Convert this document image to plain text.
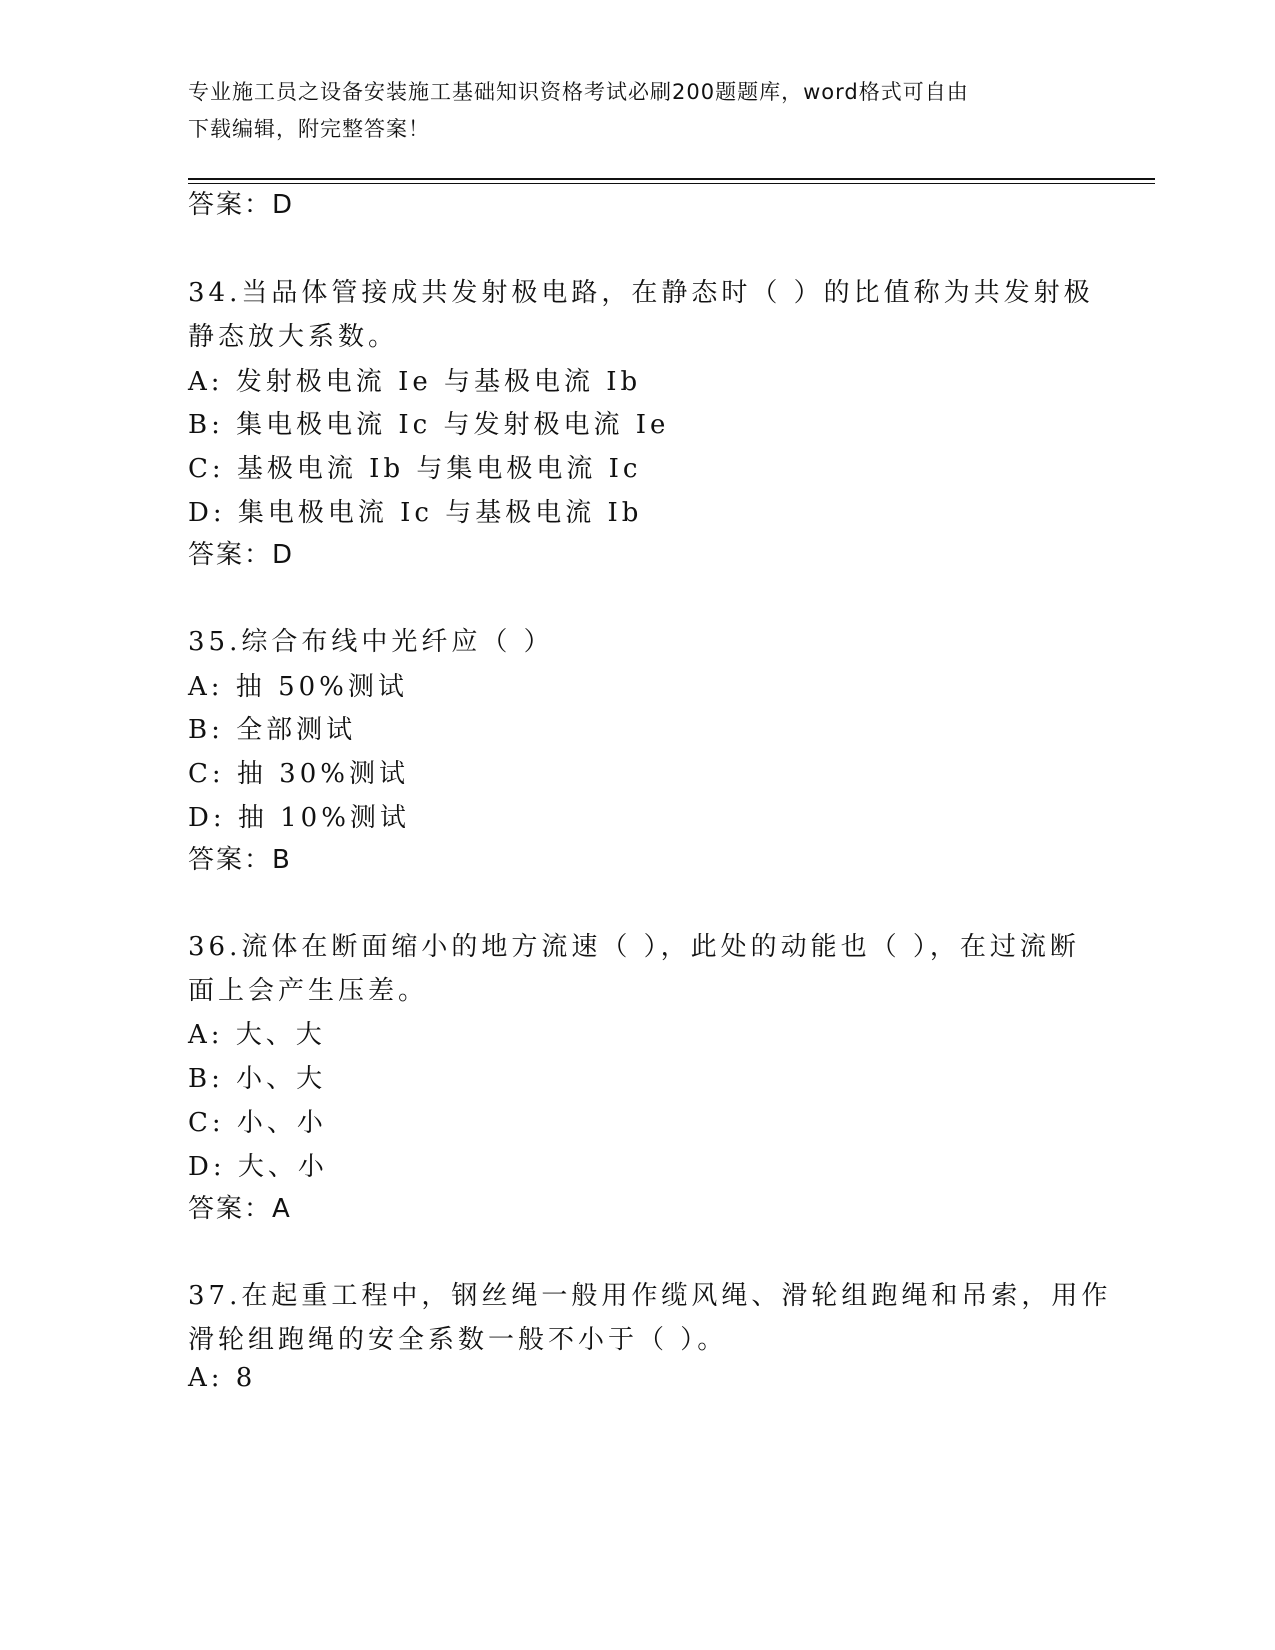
专业施工员之设备安装施工基础知识资格考试必刷200题题库，word格式可自由
下载编辑，附完整答案！
答案：D
34.当品体管接成共发射极电路，在静态时（ ）的比值称为共发射极
静态放大系数。
A: 发射极电流 Ie 与基极电流 Ib
B: 集电极电流 Ic 与发射极电流 Ie
C: 基极电流 Ib 与集电极电流 Ic
D: 集电极电流 Ic 与基极电流 Ib
答案：D
35.综合布线中光纤应（ ）
A: 抽 50%测试
B: 全部测试
C: 抽 30%测试
D: 抽 10%测试
答案：B
36.流体在断面缩小的地方流速（ ），此处的动能也（ ），在过流断
面上会产生压差。
A: 大、大
B: 小、大
C: 小、小
D: 大、小
答案：A
37.在起重工程中，钢丝绳一般用作缆风绳、滑轮组跑绳和吊索，用作
滑轮组跑绳的安全系数一般不小于（ ）。
A: 8
